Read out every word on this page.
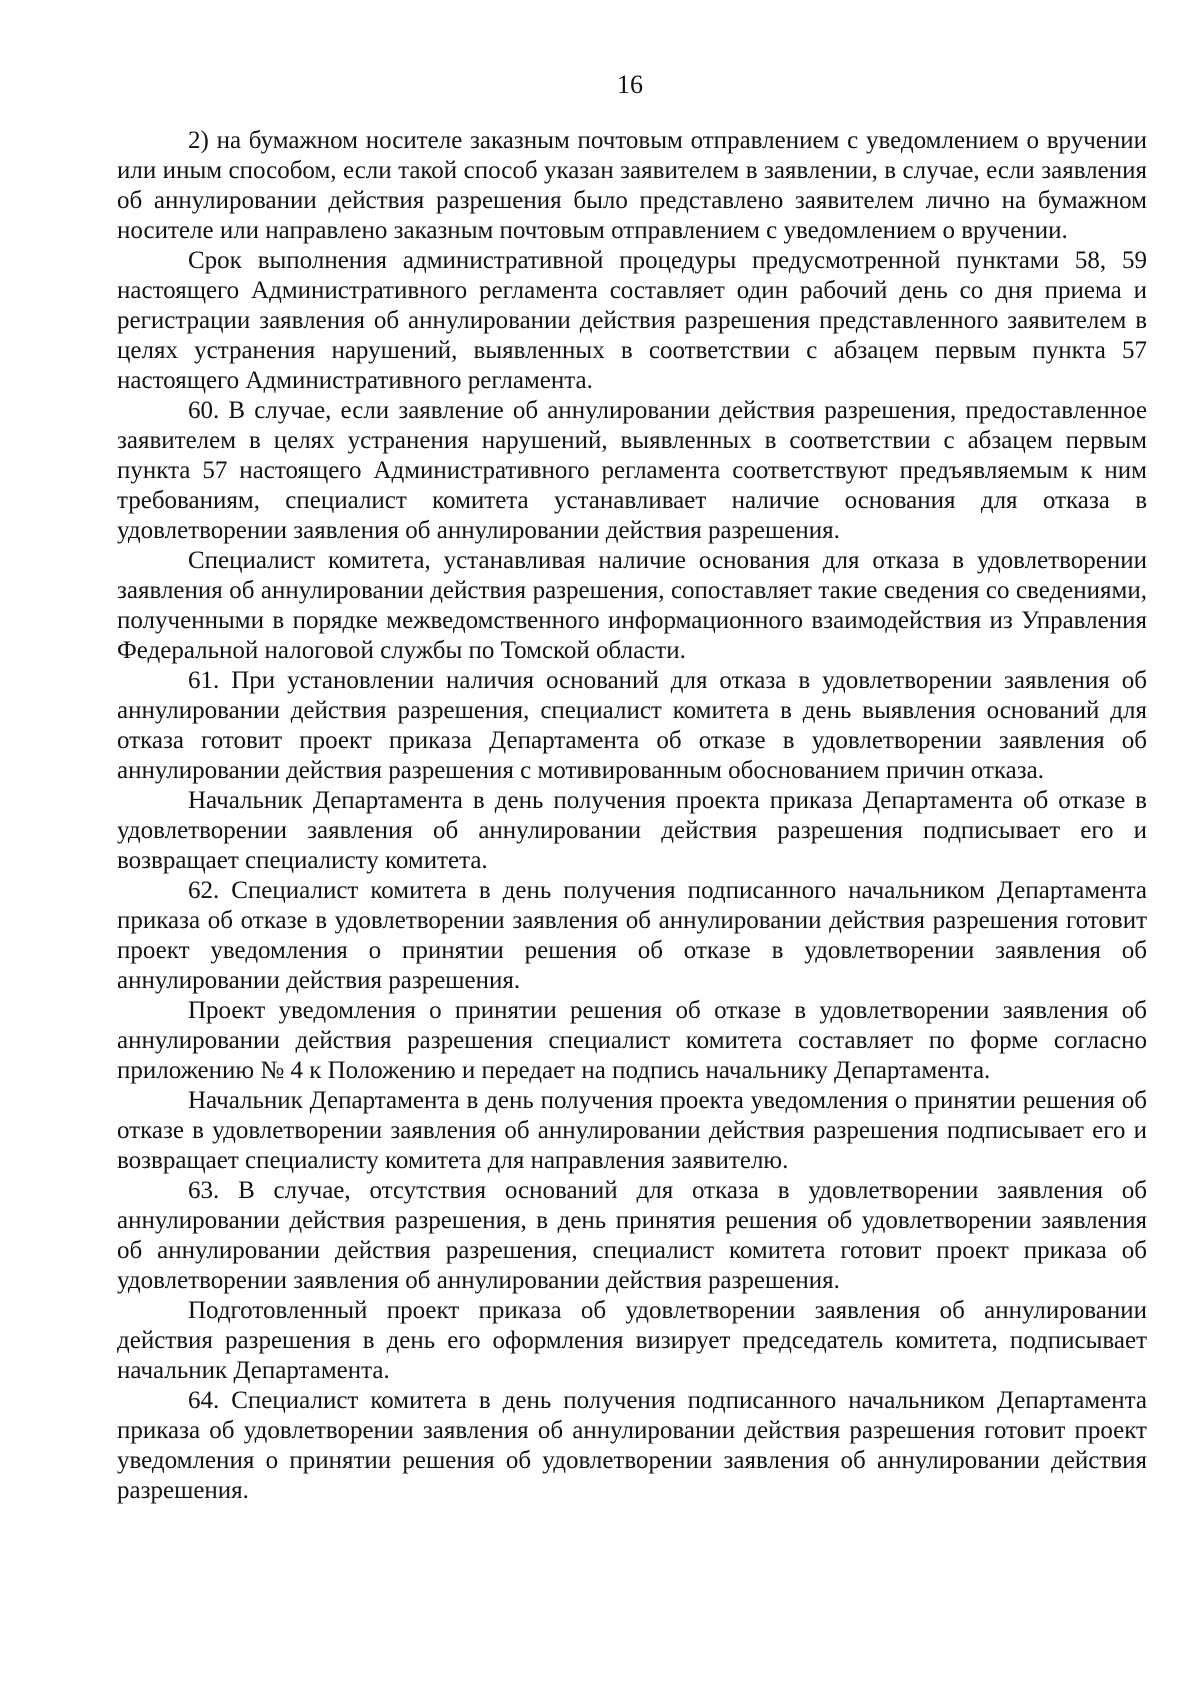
16

2) на бумажном носителе заказным почтовым отправлением с уведомлением о вручении или иным способом, если такой способ указан заявителем в заявлении, в случае, если заявления об аннулировании действия разрешения было представлено заявителем лично на бумажном носителе или направлено заказным почтовым отправлением с уведомлением о вручении.

Срок выполнения административной процедуры предусмотренной пунктами 58, 59 настоящего Административного регламента составляет один рабочий день со дня приема и регистрации заявления об аннулировании действия разрешения представленного заявителем в целях устранения нарушений, выявленных в соответствии с абзацем первым пункта 57 настоящего Административного регламента.

60. В случае, если заявление об аннулировании действия разрешения, предоставленное заявителем в целях устранения нарушений, выявленных в соответствии с абзацем первым пункта 57 настоящего Административного регламента соответствуют предъявляемым к ним требованиям, специалист комитета устанавливает наличие основания для отказа в удовлетворении заявления об аннулировании действия разрешения.

Специалист комитета, устанавливая наличие основания для отказа в удовлетворении заявления об аннулировании действия разрешения, сопоставляет такие сведения со сведениями, полученными в порядке межведомственного информационного взаимодействия из Управления Федеральной налоговой службы по Томской области.

61. При установлении наличия оснований для отказа в удовлетворении заявления об аннулировании действия разрешения, специалист комитета в день выявления оснований для отказа готовит проект приказа Департамента об отказе в удовлетворении заявления об аннулировании действия разрешения с мотивированным обоснованием причин отказа.

Начальник Департамента в день получения проекта приказа Департамента об отказе в удовлетворении заявления об аннулировании действия разрешения подписывает его и возвращает специалисту комитета.

62. Специалист комитета в день получения подписанного начальником Департамента приказа об отказе в удовлетворении заявления об аннулировании действия разрешения готовит проект уведомления о принятии решения об отказе в удовлетворении заявления об аннулировании действия разрешения.

Проект уведомления о принятии решения об отказе в удовлетворении заявления об аннулировании действия разрешения специалист комитета составляет по форме согласно приложению № 4 к Положению и передает на подпись начальнику Департамента.

Начальник Департамента в день получения проекта уведомления о принятии решения об отказе в удовлетворении заявления об аннулировании действия разрешения подписывает его и возвращает специалисту комитета для направления заявителю.

63. В случае, отсутствия оснований для отказа в удовлетворении заявления об аннулировании действия разрешения, в день принятия решения об удовлетворении заявления об аннулировании действия разрешения, специалист комитета готовит проект приказа об удовлетворении заявления об аннулировании действия разрешения.

Подготовленный проект приказа об удовлетворении заявления об аннулировании действия разрешения в день его оформления визирует председатель комитета, подписывает начальник Департамента.

64. Специалист комитета в день получения подписанного начальником Департамента приказа об удовлетворении заявления об аннулировании действия разрешения готовит проект уведомления о принятии решения об удовлетворении заявления об аннулировании действия разрешения.
